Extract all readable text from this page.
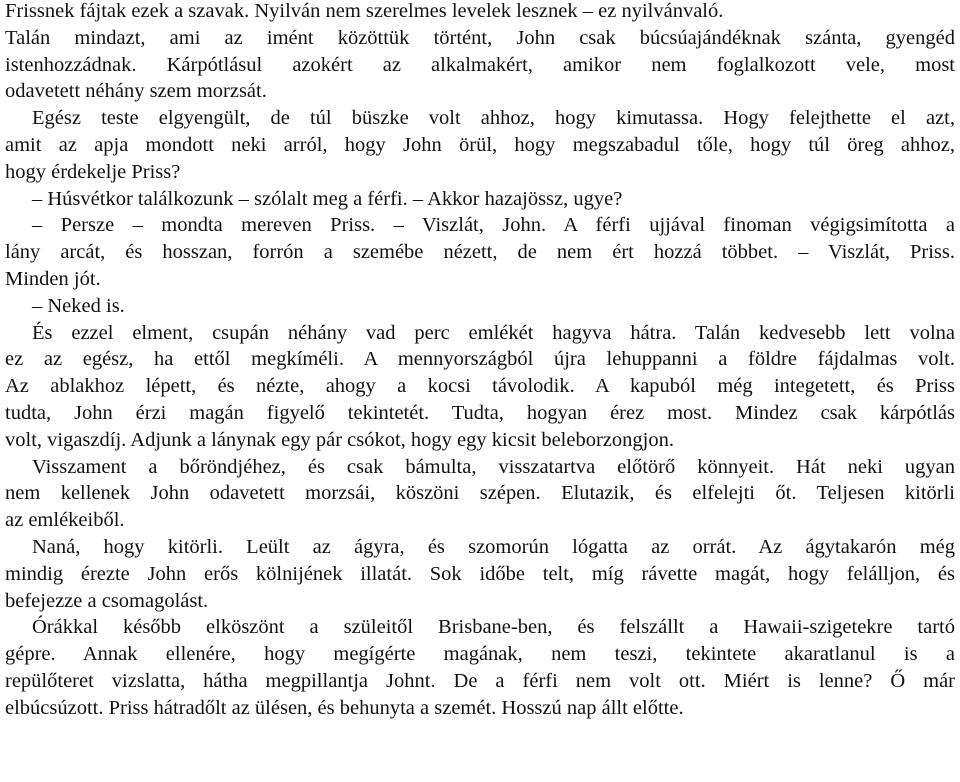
Frissnek fájtak ezek a szavak. Nyilván nem szerelmes levelek lesznek – ez nyilvánvaló.
Talán mindazt, ami az imént közöttük történt, John csak búcsúajándéknak szánta, gyengéd
istenhozzádnak. Kárpótlásul azokért az alkalmakért, amikor nem foglalkozott vele, most
odavetett néhány szem morzsát.
Egész teste elgyengült, de túl büszke volt ahhoz, hogy kimutassa. Hogy felejthette el azt,
amit az apja mondott neki arról, hogy John örül, hogy megszabadul tőle, hogy túl öreg ahhoz,
hogy érdekelje Priss?
– Húsvétkor találkozunk – szólalt meg a férfi. – Akkor hazajössz, ugye?
– Persze – mondta mereven Priss. – Viszlát, John. A férfi ujjával finoman végigsimította a
lány arcát, és hosszan, forrón a szemébe nézett, de nem ért hozzá többet. – Viszlát, Priss.
Minden jót.
– Neked is.
És ezzel elment, csupán néhány vad perc emlékét hagyva hátra. Talán kedvesebb lett volna
ez az egész, ha ettől megkíméli. A mennyországból újra lehuppanni a földre fájdalmas volt.
Az ablakhoz lépett, és nézte, ahogy a kocsi távolodik. A kapuból még integetett, és Priss
tudta, John érzi magán figyelő tekintetét. Tudta, hogyan érez most. Mindez csak kárpótlás
volt, vigaszdíj. Adjunk a lánynak egy pár csókot, hogy egy kicsit beleborzongjon.
Visszament a bőröndjéhez, és csak bámulta, visszatartva előtörő könnyeit. Hát neki ugyan
nem kellenek John odavetett morzsái, köszöni szépen. Elutazik, és elfelejti őt. Teljesen kitörli
az emlékeiből.
Naná, hogy kitörli. Leült az ágyra, és szomorún lógatta az orrát. Az ágytakarón még
mindig érezte John erős kölnijének illatát. Sok időbe telt, míg rávette magát, hogy felálljon, és
befejezze a csomagolást.
Órákkal később elköszönt a szüleitől Brisbane-ben, és felszállt a Hawaii-szigetekre tartó
gépre. Annak ellenére, hogy megígérte magának, nem teszi, tekintete akaratlanul is a
repülőteret vizslatta, hátha megpillantja Johnt. De a férfi nem volt ott. Miért is lenne? Ő már
elbúcsúzott. Priss hátradőlt az ülésen, és behunyta a szemét. Hosszú nap állt előtte.
